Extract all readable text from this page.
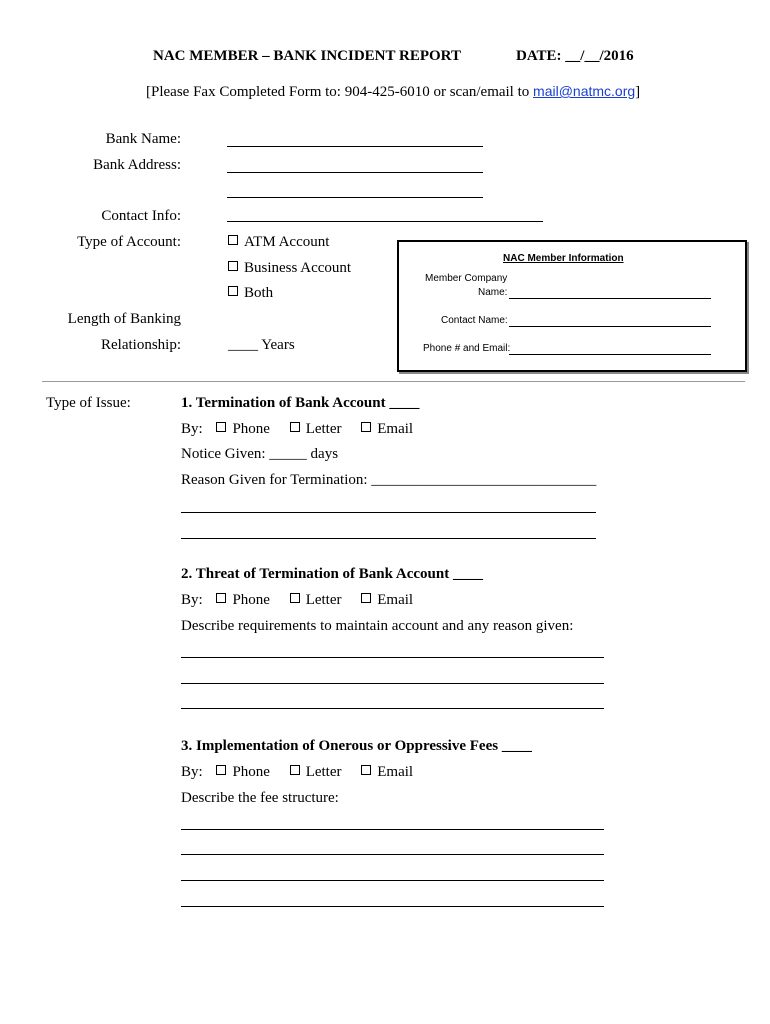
NAC MEMBER – BANK INCIDENT REPORT	DATE: __/__/2016
[Please Fax Completed Form to: 904-425-6010 or scan/email to mail@natmc.org]
Bank Name:
Bank Address:
Contact Info:
Type of Account:	ATM Account
Business Account
Both
Length of Banking
Relationship:	____ Years
NAC Member Information
Member Company
Name:
Contact Name:
Phone # and Email:
Type of Issue:	1. Termination of Bank Account ____
By: Phone Letter Email
Notice Given: _____ days
Reason Given for Termination: ______________________________
2. Threat of Termination of Bank Account ____
By: Phone Letter Email
Describe requirements to maintain account and any reason given:
3. Implementation of Onerous or Oppressive Fees ____
By: Phone Letter Email
Describe the fee structure:
